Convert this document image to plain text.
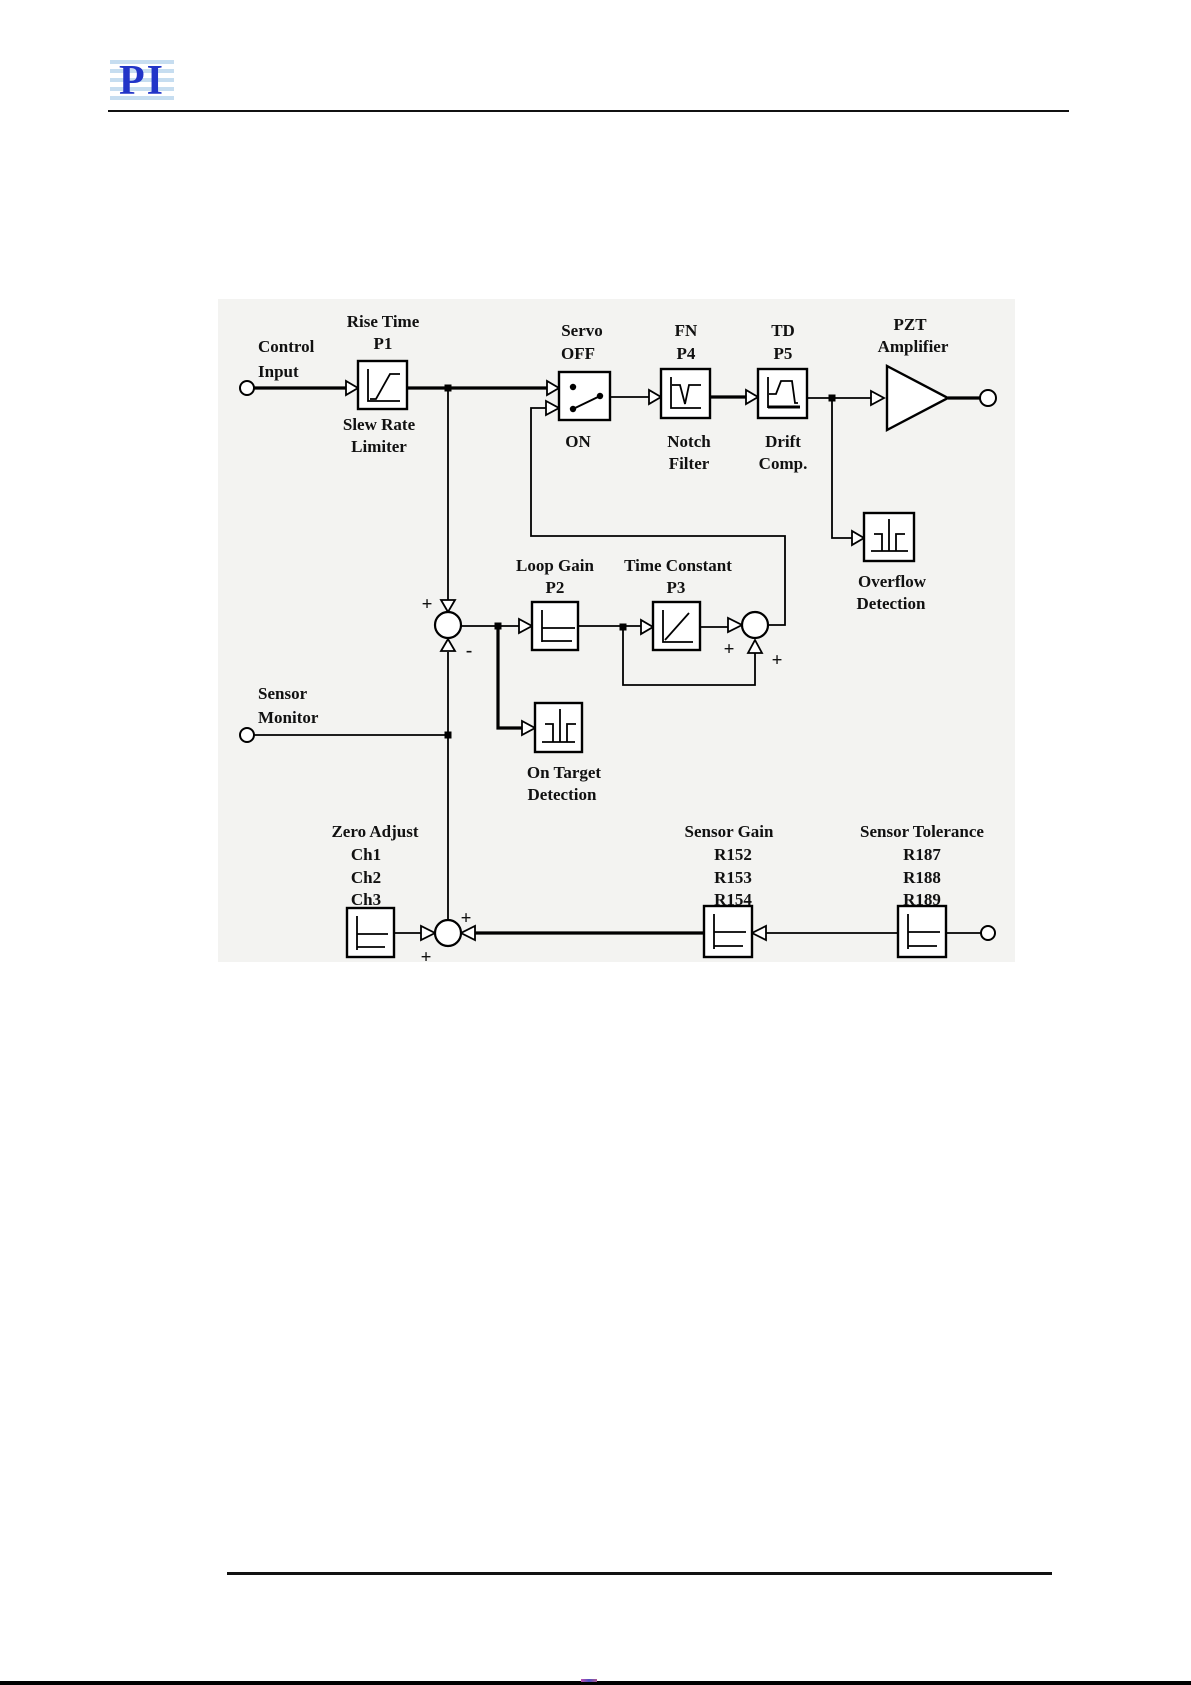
PI
Control
Input
Rise Time
P1
Slew Rate
Limiter
Servo
OFF
ON
FN
P4
Notch
Filter
TD
P5
Drift
Comp.
PZT
Amplifier
Overflow
Detection
Loop Gain
P2
Time Constant
P3
On Target
Detection
Sensor
Monitor
Zero Adjust
Ch1
Ch2
Ch3
Sensor Gain
R152
R153
R154
Sensor Tolerance
R187
R188
R189
+
-	+
+
+
+
